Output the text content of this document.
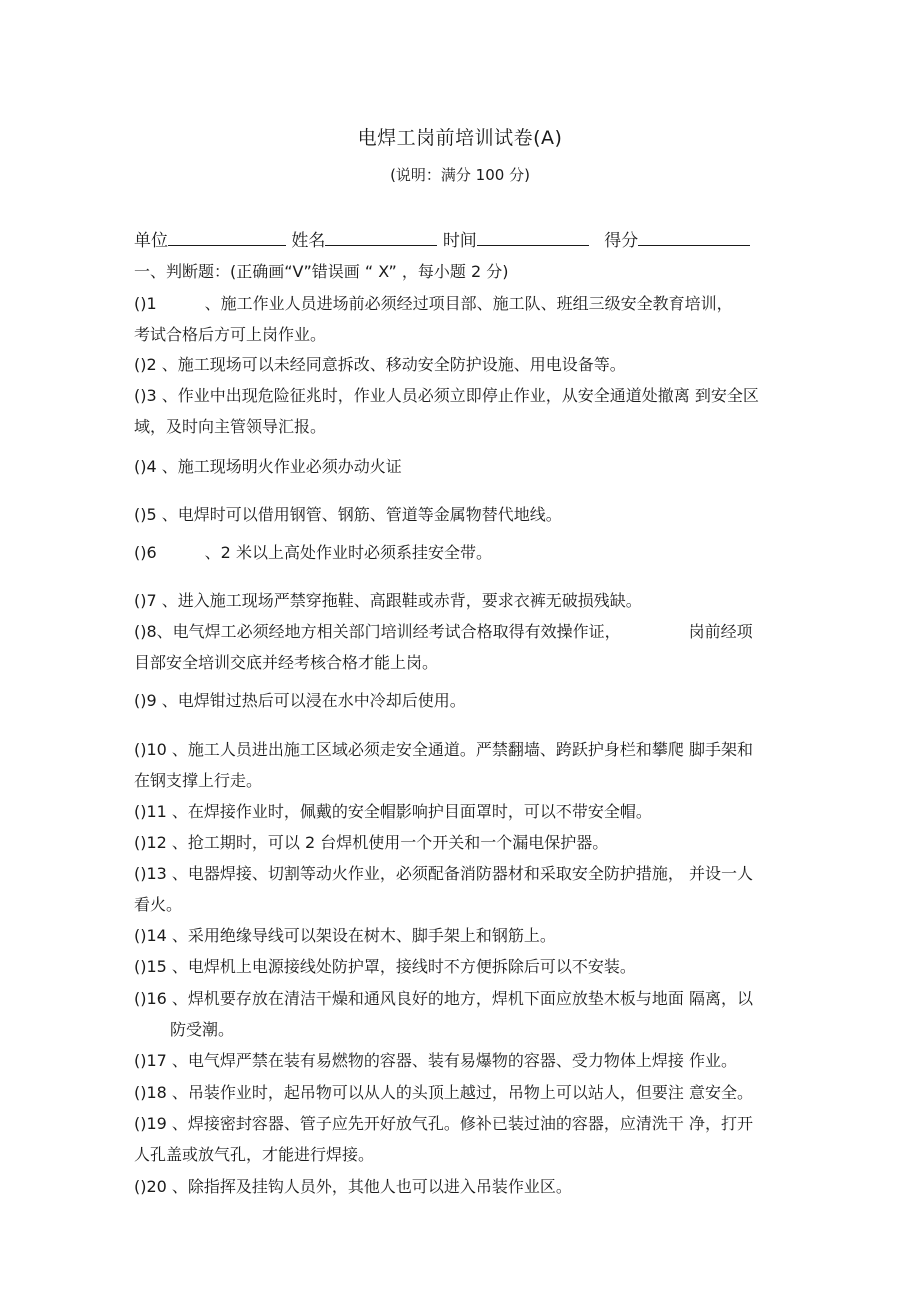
电焊工岗前培训试卷(A)
(说明：满分 100 分)
单位	姓名	时间	得分
一、判断题：(正确画“V”错误画 “ X” ，每小题 2 分)
()1	、施工作业人员进场前必须经过项目部、施工队、班组三级安全教育培训，
考试合格后方可上岗作业。
()2 、施工现场可以未经同意拆改、移动安全防护设施、用电设备等。
()3 、作业中出现危险征兆时，作业人员必须立即停止作业，从安全通道处撤离 到安全区
域，及时向主管领导汇报。
()4 、施工现场明火作业必须办动火证
()5 、电焊时可以借用钢管、钢筋、管道等金属物替代地线。
()6	、2 米以上高处作业时必须系挂安全带。
()7 、进入施工现场严禁穿拖鞋、高跟鞋或赤背，要求衣裤无破损残缺。
()8、电气焊工必须经地方相关部门培训经考试合格取得有效操作证，	岗前经项
目部安全培训交底并经考核合格才能上岗。
()9 、电焊钳过热后可以浸在水中冷却后使用。
()10 、施工人员进出施工区域必须走安全通道。严禁翻墙、跨跃护身栏和攀爬 脚手架和
在钢支撑上行走。
()11 、在焊接作业时，佩戴的安全帽影响护目面罩时，可以不带安全帽。
()12 、抢工期时，可以 2 台焊机使用一个开关和一个漏电保护器。
()13 、电器焊接、切割等动火作业，必须配备消防器材和采取安全防护措施， 并设一人
看火。
()14 、采用绝缘导线可以架设在树木、脚手架上和钢筋上。
()15 、电焊机上电源接线处防护罩，接线时不方便拆除后可以不安装。
()16 、焊机要存放在清洁干燥和通风良好的地方，焊机下面应放垫木板与地面 隔离，以
防受潮。
()17 、电气焊严禁在装有易燃物的容器、装有易爆物的容器、受力物体上焊接 作业。
()18 、吊装作业时，起吊物可以从人的头顶上越过，吊物上可以站人，但要注 意安全。
()19 、焊接密封容器、管子应先开好放气孔。修补已装过油的容器，应清洗干 净，打开
人孔盖或放气孔，才能进行焊接。
()20 、除指挥及挂钩人员外，其他人也可以进入吊装作业区。
